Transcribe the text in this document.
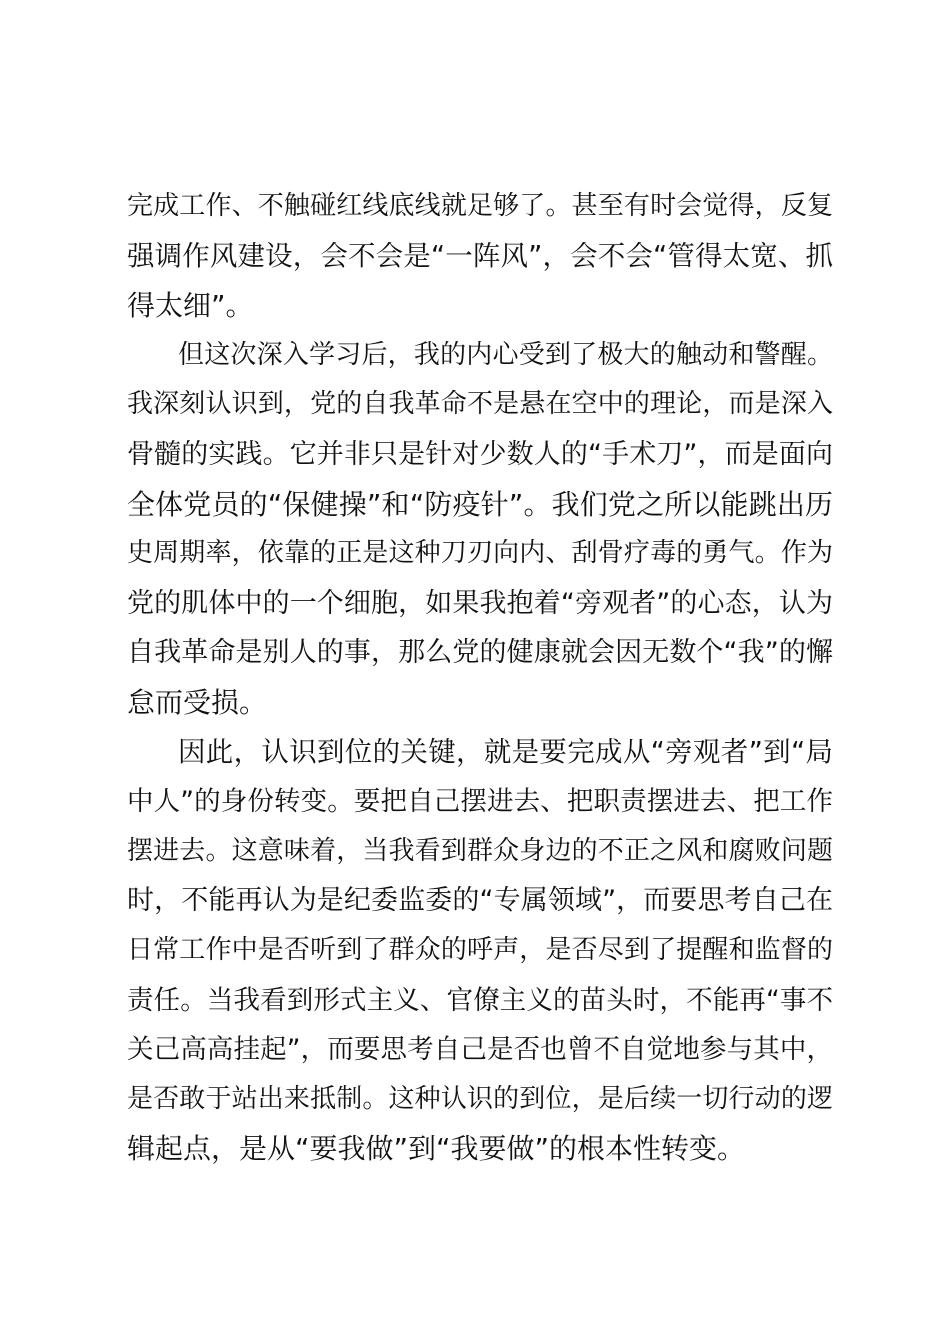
完成工作、不触碰红线底线就足够了。甚至有时会觉得，反复
强调作风建设，会不会是“一阵风”，会不会“管得太宽、抓
得太细”。
但这次深入学习后，我的内心受到了极大的触动和警醒。
我深刻认识到，党的自我革命不是悬在空中的理论，而是深入
骨髓的实践。它并非只是针对少数人的“手术刀”，而是面向
全体党员的“保健操”和“防疫针”。我们党之所以能跳出历
史周期率，依靠的正是这种刀刃向内、刮骨疗毒的勇气。作为
党的肌体中的一个细胞，如果我抱着“旁观者”的心态，认为
自我革命是别人的事，那么党的健康就会因无数个“我”的懈
怠而受损。
因此，认识到位的关键，就是要完成从“旁观者”到“局
中人”的身份转变。要把自己摆进去、把职责摆进去、把工作
摆进去。这意味着，当我看到群众身边的不正之风和腐败问题
时，不能再认为是纪委监委的“专属领域”，而要思考自己在
日常工作中是否听到了群众的呼声，是否尽到了提醒和监督的
责任。当我看到形式主义、官僚主义的苗头时，不能再“事不
关己高高挂起”，而要思考自己是否也曾不自觉地参与其中，
是否敢于站出来抵制。这种认识的到位，是后续一切行动的逻
辑起点，是从“要我做”到“我要做”的根本性转变。
